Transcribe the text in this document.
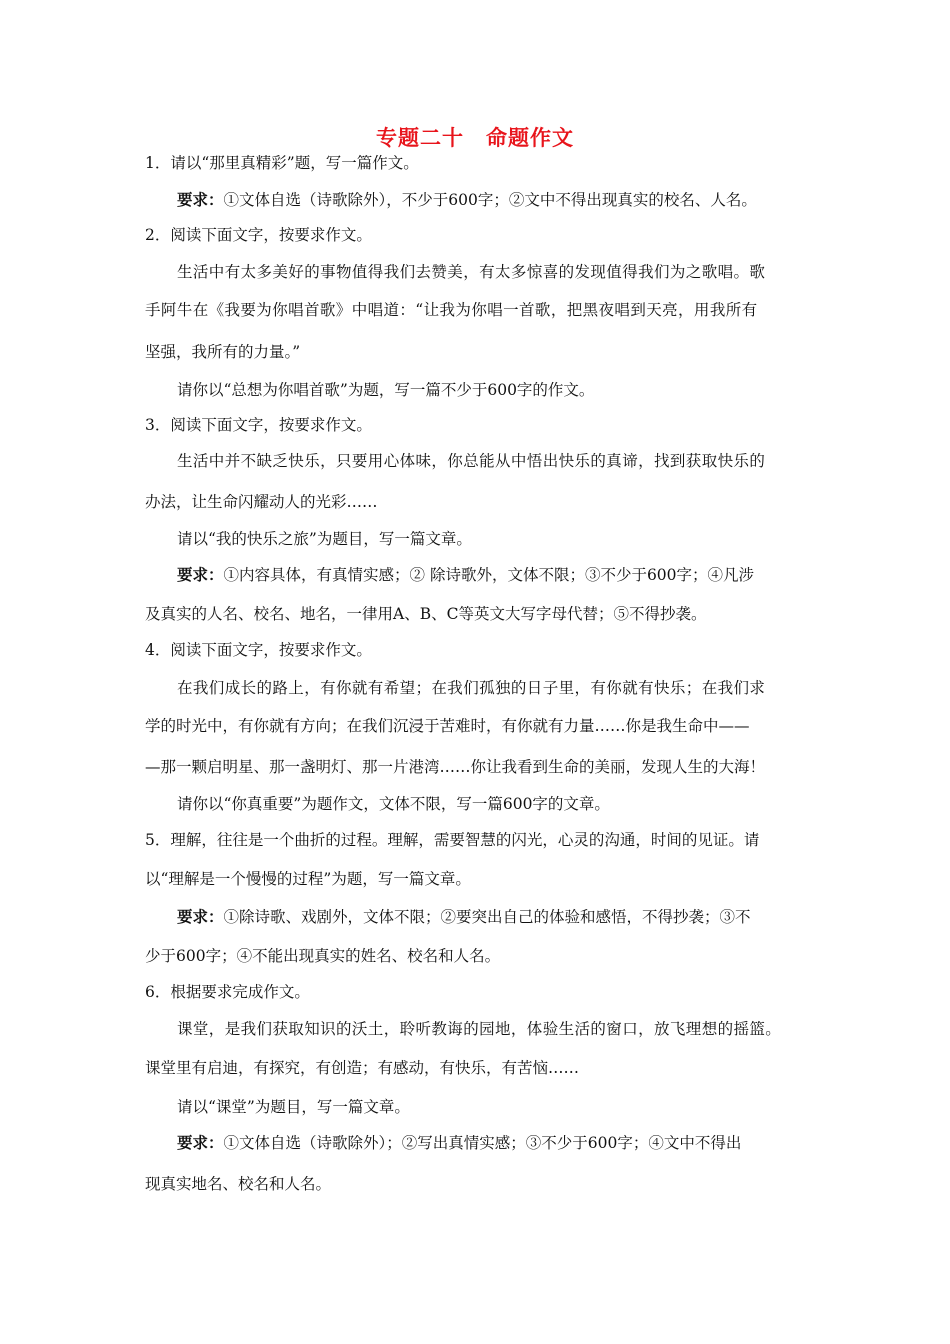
专题二十　命题作文
1．请以“那里真精彩”题，写一篇作文。
要求：①文体自选（诗歌除外），不少于600字；②文中不得出现真实的校名、人名。
2．阅读下面文字，按要求作文。
生活中有太多美好的事物值得我们去赞美，有太多惊喜的发现值得我们为之歌唱。歌
手阿牛在《我要为你唱首歌》中唱道：“让我为你唱一首歌，把黑夜唱到天亮，用我所有
坚强，我所有的力量。”
请你以“总想为你唱首歌”为题，写一篇不少于600字的作文。
3．阅读下面文字，按要求作文。
生活中并不缺乏快乐，只要用心体味，你总能从中悟出快乐的真谛，找到获取快乐的
办法，让生命闪耀动人的光彩……
请以“我的快乐之旅”为题目，写一篇文章。
要求：①内容具体，有真情实感；② 除诗歌外，文体不限；③不少于600字；④凡涉
及真实的人名、校名、地名，一律用A、B、C等英文大写字母代替；⑤不得抄袭。
4．阅读下面文字，按要求作文。
在我们成长的路上，有你就有希望；在我们孤独的日子里，有你就有快乐；在我们求
学的时光中，有你就有方向；在我们沉浸于苦难时，有你就有力量……你是我生命中——
—那一颗启明星、那一盏明灯、那一片港湾……你让我看到生命的美丽，发现人生的大海！
请你以“你真重要”为题作文，文体不限，写一篇600字的文章。
5．理解，往往是一个曲折的过程。理解，需要智慧的闪光，心灵的沟通，时间的见证。请
以“理解是一个慢慢的过程”为题，写一篇文章。
要求：①除诗歌、戏剧外，文体不限；②要突出自己的体验和感悟，不得抄袭；③不
少于600字；④不能出现真实的姓名、校名和人名。
6．根据要求完成作文。
课堂，是我们获取知识的沃土，聆听教诲的园地，体验生活的窗口，放飞理想的摇篮。
课堂里有启迪，有探究，有创造；有感动，有快乐，有苦恼……
请以“课堂”为题目，写一篇文章。
要求：①文体自选（诗歌除外）；②写出真情实感；③不少于600字；④文中不得出
现真实地名、校名和人名。
